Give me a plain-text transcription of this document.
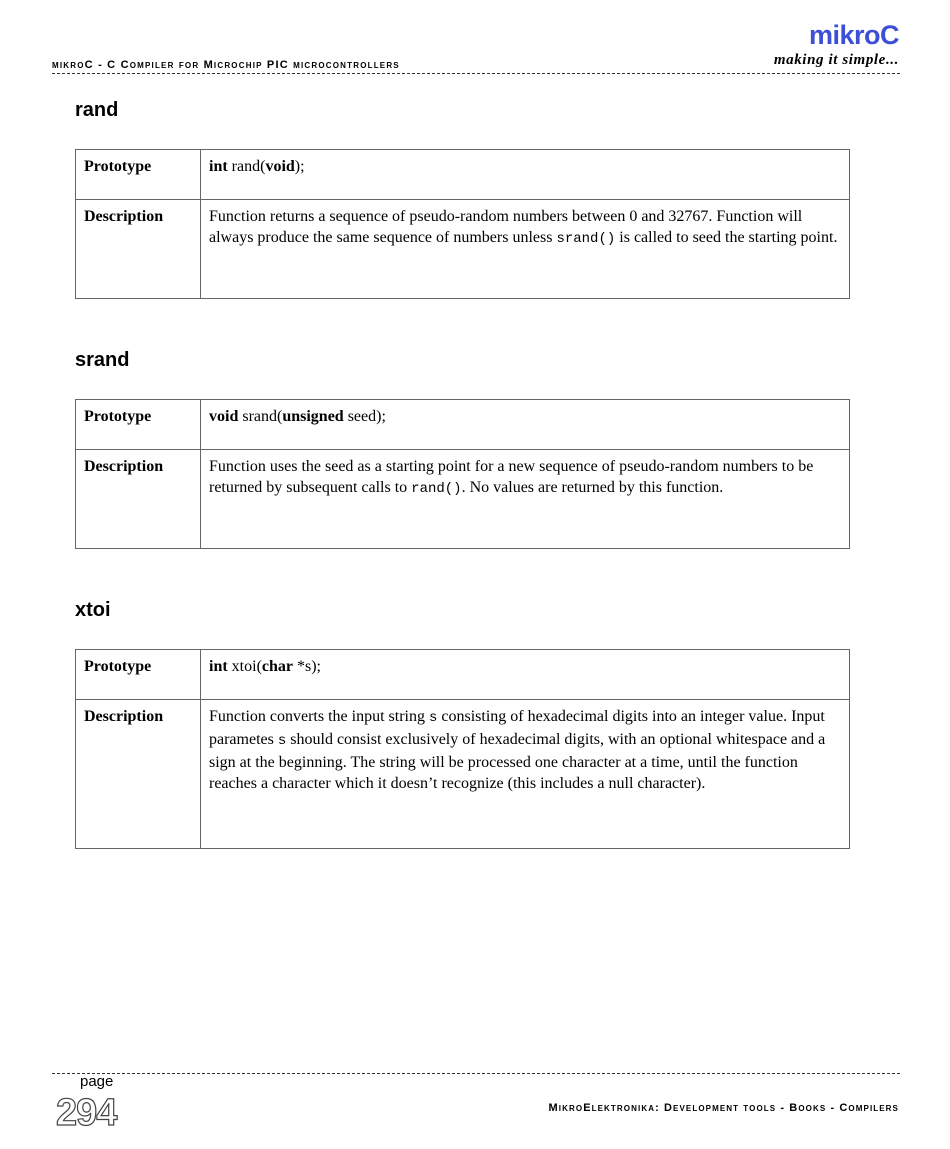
mikroC - C Compiler for Microchip PIC microcontrollers
mikroC
making it simple...
rand
Prototype	int rand(void);
Description	Function returns a sequence of pseudo-random numbers between 0 and 32767. Function will always produce the same sequence of numbers unless srand() is called to seed the starting point.
srand
Prototype	void srand(unsigned seed);
Description	Function uses the seed as a starting point for a new sequence of pseudo-random numbers to be returned by subsequent calls to rand(). No values are returned by this function.
xtoi
Prototype	int xtoi(char *s);
Description	Function converts the input string s consisting of hexadecimal digits into an integer value. Input parametes s should consist exclusively of hexadecimal digits, with an optional whitespace and a sign at the beginning. The string will be processed one character at a time, until the function reaches a character which it doesn’t recognize (this includes a null character).
page
294	MikroElektronika: Development tools - Books - Compilers
